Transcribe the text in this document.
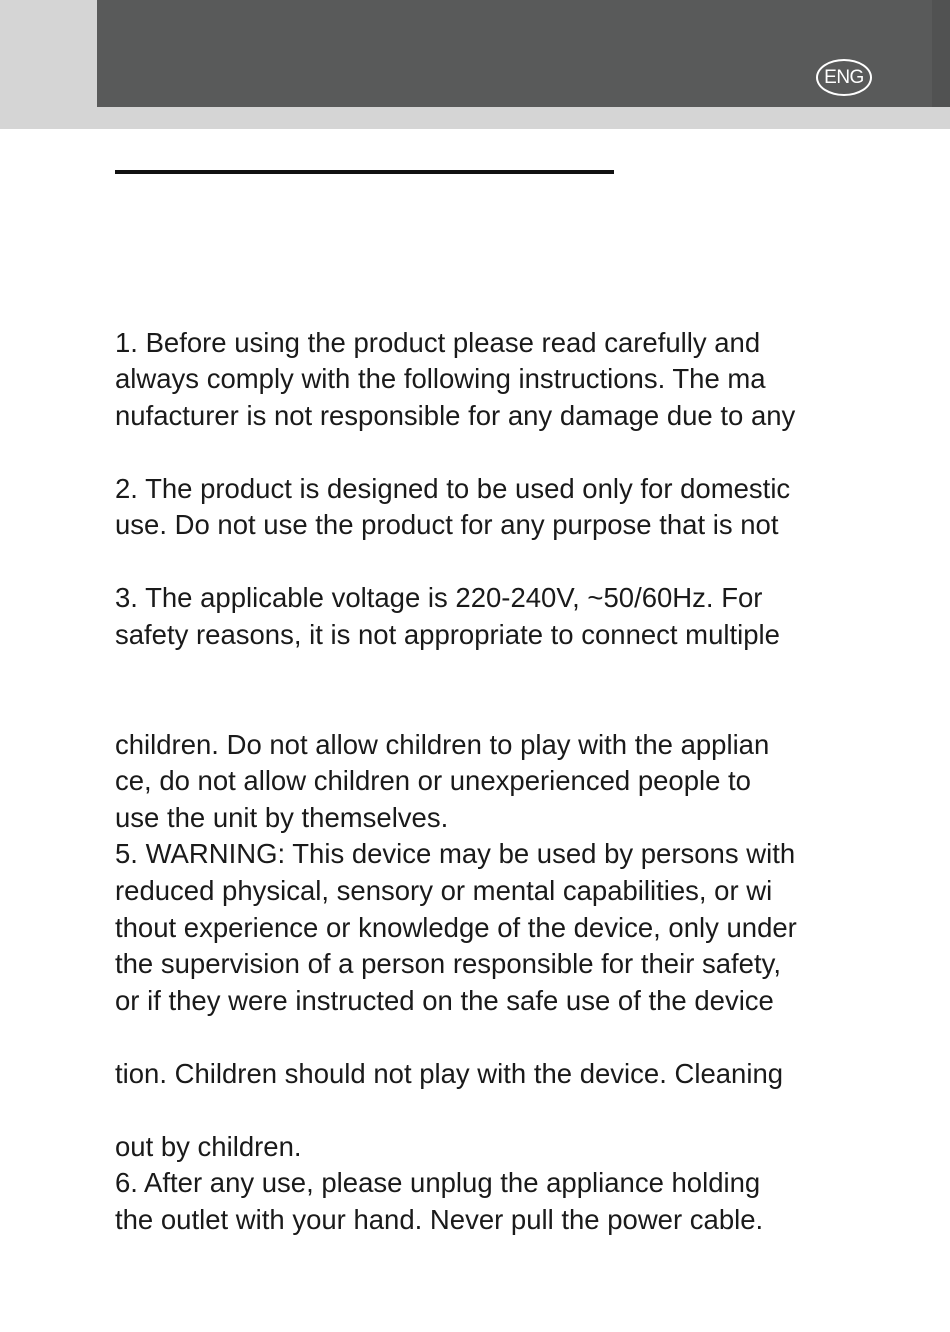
ENG
1. Before using the product please read carefully and
always comply with the following instructions. The ma
nufacturer is not responsible for any damage due to any
2. The product is designed to be used only for domestic
use. Do not use the product for any purpose that is not
3. The applicable voltage is 220-240V, ~50/60Hz. For
safety reasons, it is not appropriate to connect multiple
children. Do not allow children to play with the applian
ce, do not allow children or unexperienced people to
use the unit by themselves.
5. WARNING: This device may be used by persons with
reduced physical, sensory or mental capabilities, or wi
thout experience or knowledge of the device, only under
the supervision of a person responsible for their safety,
or if they were instructed on the safe use of the device
tion. Children should not play with the device. Cleaning
out by children.
6. After any use, please unplug the appliance holding
the outlet with your hand. Never pull the power cable.
